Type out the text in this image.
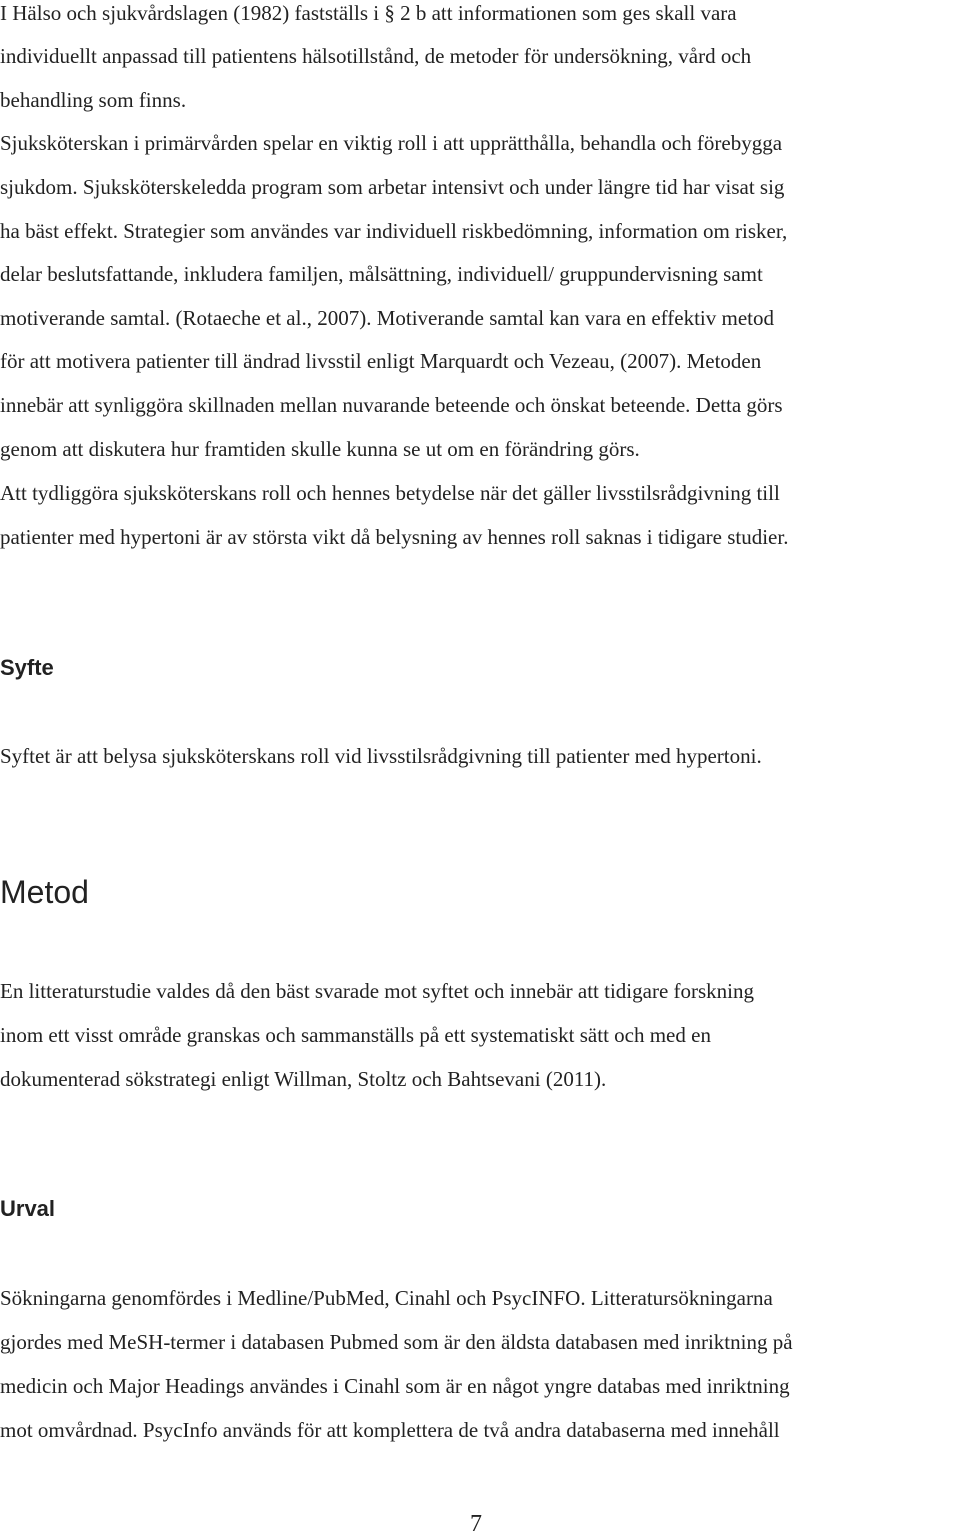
I Hälso och sjukvårdslagen (1982) fastställs i § 2 b att informationen som ges skall vara
individuellt anpassad till patientens hälsotillstånd, de metoder för undersökning, vård och
behandling som finns.
Sjuksköterskan i primärvården spelar en viktig roll i att upprätthålla, behandla och förebygga
sjukdom. Sjuksköterskeledda program som arbetar intensivt och under längre tid har visat sig
ha bäst effekt. Strategier som användes var individuell riskbedömning, information om risker,
delar beslutsfattande, inkludera familjen, målsättning, individuell/ gruppundervisning samt
motiverande samtal. (Rotaeche et al., 2007). Motiverande samtal kan vara en effektiv metod
för att motivera patienter till ändrad livsstil enligt Marquardt och Vezeau, (2007). Metoden
innebär att synliggöra skillnaden mellan nuvarande beteende och önskat beteende. Detta görs
genom att diskutera hur framtiden skulle kunna se ut om en förändring görs.
Att tydliggöra sjuksköterskans roll och hennes betydelse när det gäller livsstilsrådgivning till
patienter med hypertoni är av största vikt då belysning av hennes roll saknas i tidigare studier.
Syfte
Syftet är att belysa sjuksköterskans roll vid livsstilsrådgivning till patienter med hypertoni.
Metod
En litteraturstudie valdes då den bäst svarade mot syftet och innebär att tidigare forskning
inom ett visst område granskas och sammanställs på ett systematiskt sätt och med en
dokumenterad sökstrategi enligt Willman, Stoltz och Bahtsevani (2011).
Urval
Sökningarna genomfördes i Medline/PubMed, Cinahl och PsycINFO. Litteratursökningarna
gjordes med MeSH-termer i databasen Pubmed som är den äldsta databasen med inriktning på
medicin och Major Headings användes i Cinahl som är en något yngre databas med inriktning
mot omvårdnad. PsycInfo används för att komplettera de två andra databaserna med innehåll
7
